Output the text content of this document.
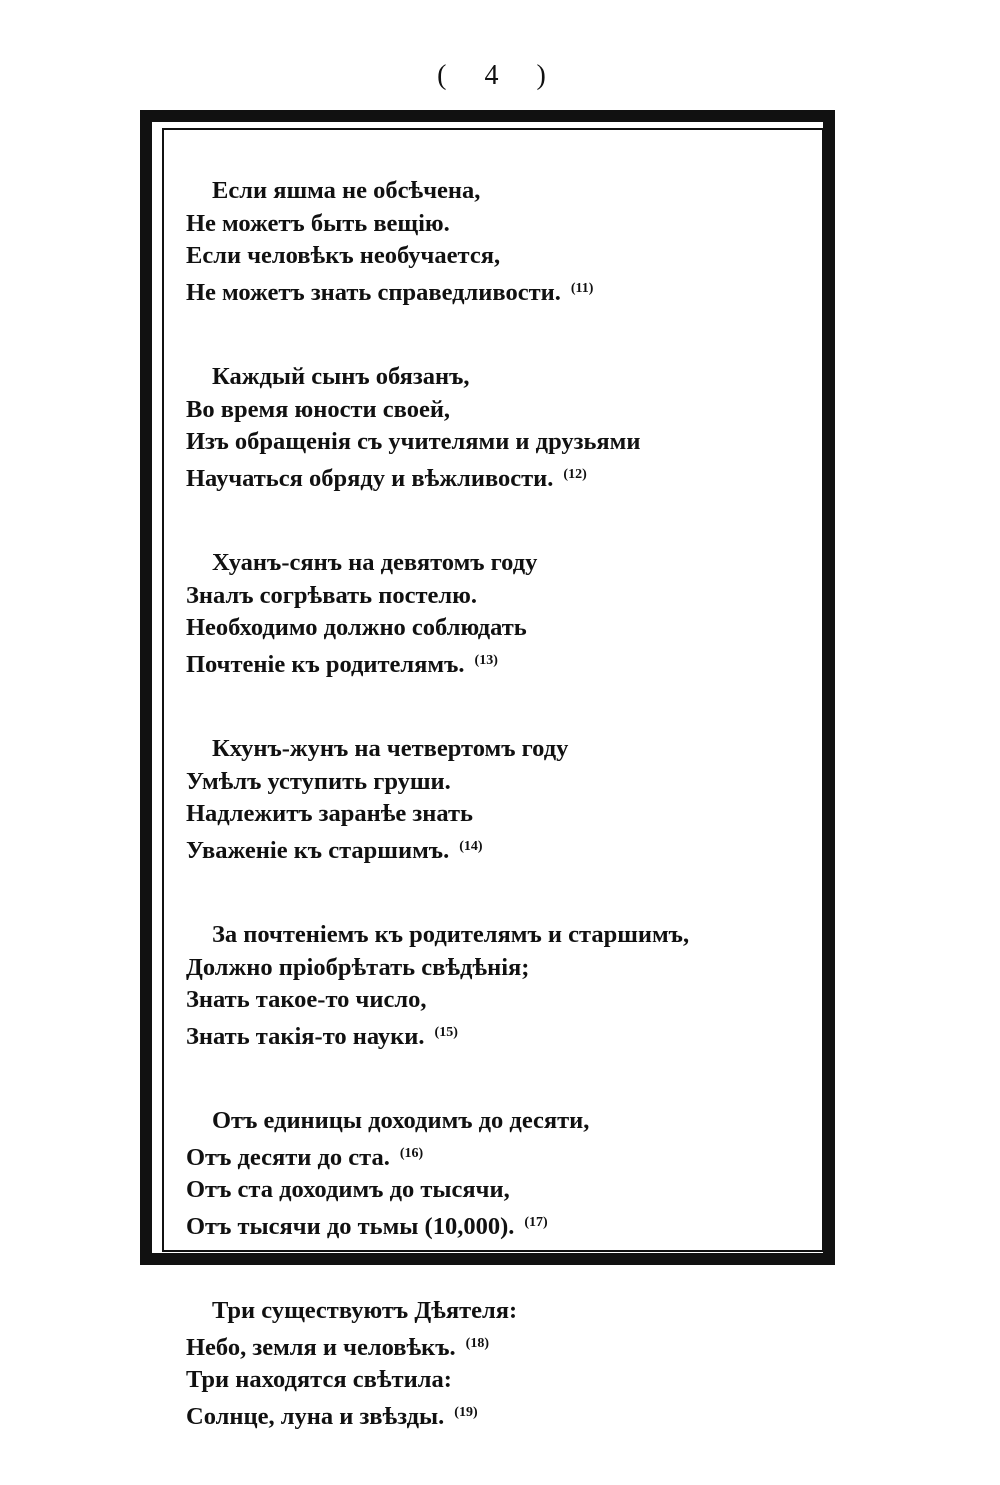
( 4 )
Если яшма не обсѣчена,
Не можетъ быть вещію.
Если человѣкъ необучается,
Не можетъ знать справедливости. $^{(11)}$
Каждый сынъ обязанъ,
Во время юности своей,
Изъ обращенія съ учителями и друзьями
Научаться обряду и вѣжливости. $^{(12)}$
Хуанъ-сянъ на девятомъ году
Зналъ согрѣвать постелю.
Необходимо должно соблюдать
Почтеніе къ родителямъ. $^{(13)}$
Кхунъ-жунъ на четвертомъ году
Умѣлъ уступить груши.
Надлежитъ заранѣе знать
Уваженіе къ старшимъ. $^{(14)}$
За почтеніемъ къ родителямъ и старшимъ,
Должно пріобрѣтать свѣдѣнія;
Знать такое-то число,
Знать такія-то науки. $^{(15)}$
Отъ единицы доходимъ до десяти,
Отъ десяти до ста. $^{(16)}$
Отъ ста доходимъ до тысячи,
Отъ тысячи до тьмы (10,000). $^{(17)}$
Три существуютъ Дѣятеля:
Небо, земля и человѣкъ. $^{(18)}$
Три находятся свѣтила:
Солнце, луна и звѣзды. $^{(19)}$
